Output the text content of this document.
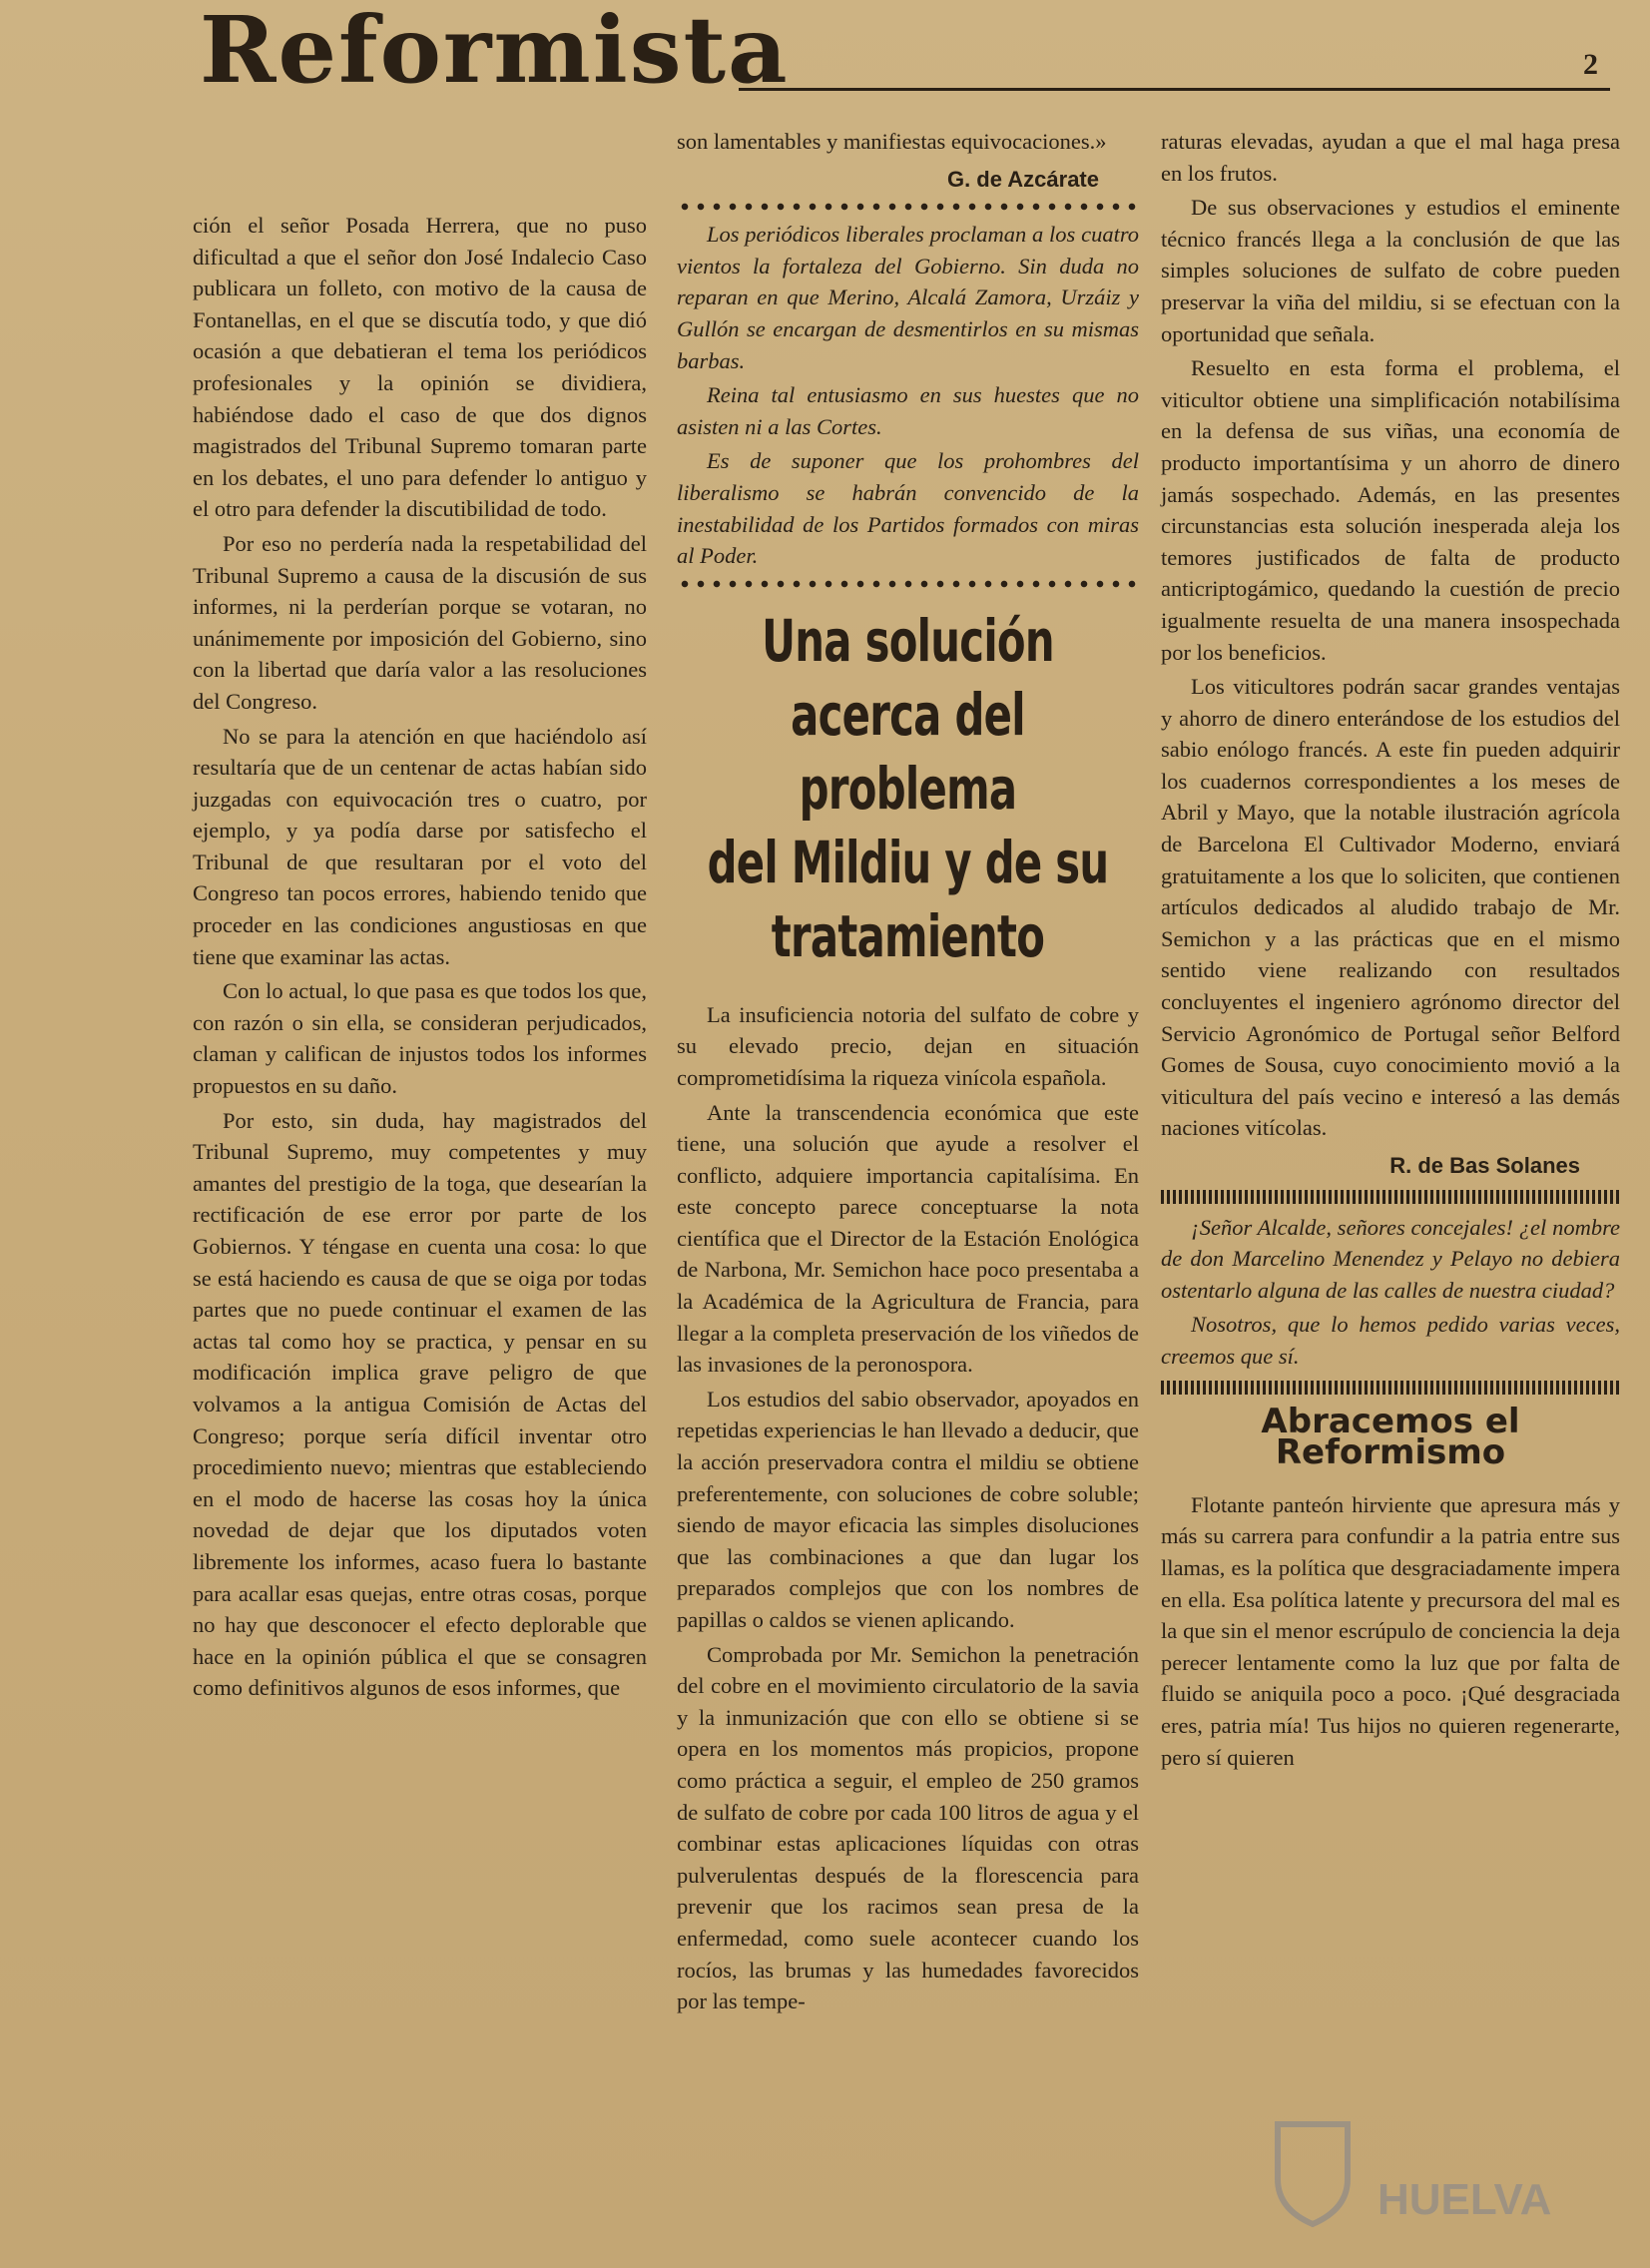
Reformista	2

ción el señor Posada Herrera, que no puso dificultad a que el señor don José Indalecio Caso publicara un folleto, con motivo de la causa de Fontanellas, en el que se discutía todo, y que dió ocasión a que debatieran el tema los periódicos profesionales y la opinión se dividiera, habiéndose dado el caso de que dos dignos magistrados del Tribunal Supremo tomaran parte en los debates, el uno para defender lo antiguo y el otro para defender la discutibilidad de todo.

Por eso no perdería nada la respetabilidad del Tribunal Supremo a causa de la discusión de sus informes, ni la perderían porque se votaran, no unánimemente por imposición del Gobierno, sino con la libertad que daría valor a las resoluciones del Congreso.

No se para la atención en que haciéndolo así resultaría que de un centenar de actas habían sido juzgadas con equivocación tres o cuatro, por ejemplo, y ya podía darse por satisfecho el Tribunal de que resultaran por el voto del Congreso tan pocos errores, habiendo tenido que proceder en las condiciones angustiosas en que tiene que examinar las actas.

Con lo actual, lo que pasa es que todos los que, con razón o sin ella, se consideran perjudicados, claman y califican de injustos todos los informes propuestos en su daño.

Por esto, sin duda, hay magistrados del Tribunal Supremo, muy competentes y muy amantes del prestigio de la toga, que desearían la rectificación de ese error por parte de los Gobiernos. Y téngase en cuenta una cosa: lo que se está haciendo es causa de que se oiga por todas partes que no puede continuar el examen de las actas tal como hoy se practica, y pensar en su modificación implica grave peligro de que volvamos a la antigua Comisión de Actas del Congreso; porque sería difícil inventar otro procedimiento nuevo; mientras que estableciendo en el modo de hacerse las cosas hoy la única novedad de dejar que los diputados voten libremente los informes, acaso fuera lo bastante para acallar esas quejas, entre otras cosas, porque no hay que desconocer el efecto deplorable que hace en la opinión pública el que se consagren como definitivos algunos de esos informes, que

son lamentables y manifiestas equivocaciones.»

G. de Azcárate

Los periódicos liberales proclaman a los cuatro vientos la fortaleza del Gobierno. Sin duda no reparan en que Merino, Alcalá Zamora, Urzáiz y Gullón se encargan de desmentirlos en su mismas barbas.

Reina tal entusiasmo en sus huestes que no asisten ni a las Cortes.

Es de suponer que los prohombres del liberalismo se habrán convencido de la inestabilidad de los Partidos formados con miras al Poder.

Una solución acerca del problema
del Mildiu y de su tratamiento

La insuficiencia notoria del sulfato de cobre y su elevado precio, dejan en situación comprometidísima la riqueza vinícola española.

Ante la transcendencia económica que este tiene, una solución que ayude a resolver el conflicto, adquiere importancia capitalísima. En este concepto parece conceptuarse la nota científica que el Director de la Estación Enológica de Narbona, Mr. Semichon hace poco presentaba a la Académica de la Agricultura de Francia, para llegar a la completa preservación de los viñedos de las invasiones de la peronospora.

Los estudios del sabio observador, apoyados en repetidas experiencias le han llevado a deducir, que la acción preservadora contra el mildiu se obtiene preferentemente, con soluciones de cobre soluble; siendo de mayor eficacia las simples disoluciones que las combinaciones a que dan lugar los preparados complejos que con los nombres de papillas o caldos se vienen aplicando.

Comprobada por Mr. Semichon la penetración del cobre en el movimiento circulatorio de la savia y la inmunización que con ello se obtiene si se opera en los momentos más propicios, propone como práctica a seguir, el empleo de 250 gramos de sulfato de cobre por cada 100 litros de agua y el combinar estas aplicaciones líquidas con otras pulverulentas después de la florescencia para prevenir que los racimos sean presa de la enfermedad, como suele acontecer cuando los rocíos, las brumas y las humedades favorecidos por las tempe-

raturas elevadas, ayudan a que el mal haga presa en los frutos.

De sus observaciones y estudios el eminente técnico francés llega a la conclusión de que las simples soluciones de sulfato de cobre pueden preservar la viña del mildiu, si se efectuan con la oportunidad que señala.

Resuelto en esta forma el problema, el viticultor obtiene una simplificación notabilísima en la defensa de sus viñas, una economía de producto importantísima y un ahorro de dinero jamás sospechado. Además, en las presentes circunstancias esta solución inesperada aleja los temores justificados de falta de producto anticriptogámico, quedando la cuestión de precio igualmente resuelta de una manera insospechada por los beneficios.

Los viticultores podrán sacar grandes ventajas y ahorro de dinero enterándose de los estudios del sabio enólogo francés. A este fin pueden adquirir los cuadernos correspondientes a los meses de Abril y Mayo, que la notable ilustración agrícola de Barcelona El Cultivador Moderno, enviará gratuitamente a los que lo soliciten, que contienen artículos dedicados al aludido trabajo de Mr. Semichon y a las prácticas que en el mismo sentido viene realizando con resultados concluyentes el ingeniero agrónomo director del Servicio Agronómico de Portugal señor Belford Gomes de Sousa, cuyo conocimiento movió a la viticultura del país vecino e interesó a las demás naciones vitícolas.

R. de Bas Solanes

¡Señor Alcalde, señores concejales! ¿el nombre de don Marcelino Menendez y Pelayo no debiera ostentarlo alguna de las calles de nuestra ciudad?

Nosotros, que lo hemos pedido varias veces, creemos que sí.

Abracemos el Reformismo

Flotante panteón hirviente que apresura más y más su carrera para confundir a la patria entre sus llamas, es la política que desgraciadamente impera en ella. Esa política latente y precursora del mal es la que sin el menor escrúpulo de conciencia la deja perecer lentamente como la luz que por falta de fluido se aniquila poco a poco. ¡Qué desgraciada eres, patria mía! Tus hijos no quieren regenerarte, pero sí quieren

HUELVA
